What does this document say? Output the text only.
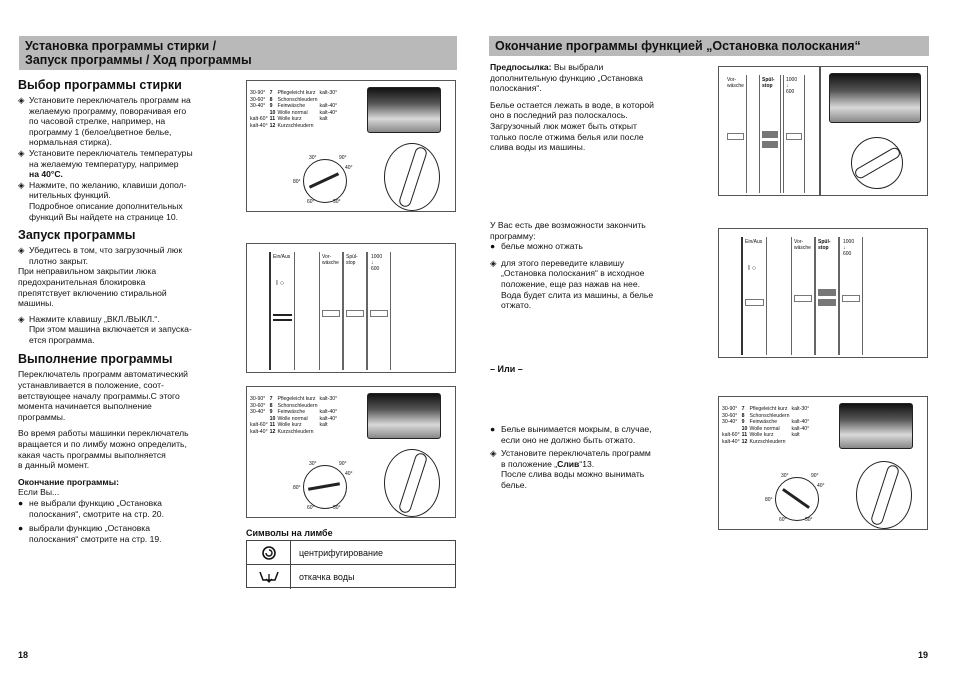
Установка программы стирки /
Запуск программы / Ход программы
Выбор программы стирки
◈ Установите переключатель программ на
желаемую программу, поворачивая его
по часовой стрелке, например, на
программу 1 (белое/цветное белье,
нормальная стирка).
◈ Установите переключатель температуры
на желаемую температуру, например
на 40°C.
◈ Нажмите, по желанию, клавиши допол-
нительных функций.
Подробное описание дополнительных
функций Вы найдете на странице 10.
Запуск программы
◈ Убедитесь в том, что загрузочный люк
плотно закрыт.
При неправильном закрытии люка
предохранительная блокировка
препятствует включению стиральной
машины.
◈ Нажмите клавишу „ВКЛ./ВЫКЛ.“.
При этом машина включается и запуска-
ется программа.
Выполнение программы
Переключатель программ автоматический
устанавливается в положение, соот-
ветствующее началу программы.С этого
момента начинается выполнение
программы.
Во время работы машинки переключатель
вращается и по лимбу можно определить,
какая часть программы выполняется
в данный момент.
Окончание программы:
Если Вы...
● не выбрали функцию „Остановка
полоскания“, смотрите на стр. 20.
● выбрали функцию „Остановка
полоскания“ смотрите на стр. 19.
18
30-90°	7	Pflegeleicht kurz	kalt-30°
30-60°	8	Schonschleudern	
30-40°	9	Feinwäsche	kalt-40°
	10	Wolle normal	kalt-40°
kalt-60°	11	Wolle kurz	kalt
kalt-40°	12	Kurzschleudern	
30°
40°
50°
60°
80°
90°
Ein/Aus
I ○
Vor-
wäsche
Spül-
stop
1000
↓
600
30-90°	7	Pflegeleicht kurz	kalt-30°
30-60°	8	Schonschleudern	
30-40°	9	Feinwäsche	kalt-40°
	10	Wolle normal	kalt-40°
kalt-60°	11	Wolle kurz	kalt
kalt-40°	12	Kurzschleudern	
30°
40°
50°
60°
80°
90°
Символы на лимбе
центрифугирование
откачка воды
Окончание программы функцией „Остановка полоскания“
Предпосылка: Вы выбрали
дополнительную функцию „Остановка
полоскания“.
Белье остается лежать в воде, в которой
оно в последний раз полоскалось.
Загрузочный люк может быть открыт
только после отжима белья или после
слива воды из машины.
У Вас есть две возможности закончить
программу:
● белье можно отжать
◈ для этого переведите клавишу
„Остановка полоскания“ в исходное
положение, еще раз нажав на нее.
Вода будет слита из машины, а белье
отжато.
– Или –
● Белье вынимается мокрым, в случае,
если оно не должно быть отжато.
◈ Установите переключатель программ
в положение „Слив“13.
После слива воды можно вынимать
белье.
19
Vor-
wäsche
Spül-
stop
1000
↓
600
Ein/Aus
I ○
Vor-
wäsche
Spül-
stop
1000
↓
600
30-90°	7	Pflegeleicht kurz	kalt-30°
30-60°	8	Schonschleudern	
30-40°	9	Feinwäsche	kalt-40°
	10	Wolle normal	kalt-40°
kalt-60°	11	Wolle kurz	kalt
kalt-40°	12	Kurzschleudern	
30°
40°
50°
60°
80°
90°
